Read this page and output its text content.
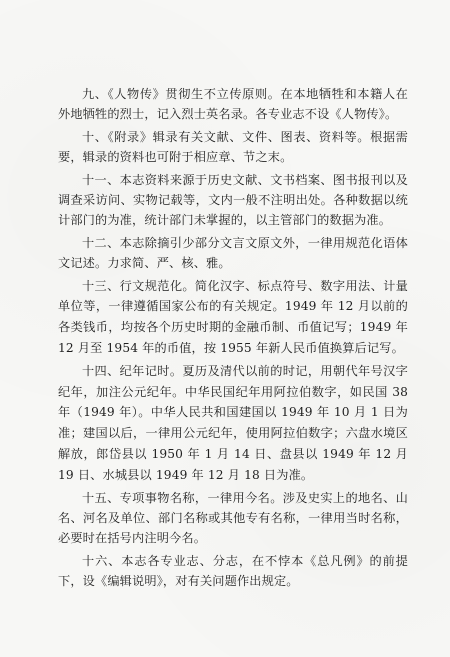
九、《人物传》贯彻生不立传原则。在本地牺牲和本籍人在外地牺牲的烈士，记入烈士英名录。各专业志不设《人物传》。

十、《附录》辑录有关文献、文件、图表、资料等。根据需要，辑录的资料也可附于相应章、节之末。

十一、本志资料来源于历史文献、文书档案、图书报刊以及调查采访问、实物记载等，文内一般不注明出处。各种数据以统计部门的为准，统计部门未掌握的，以主管部门的数据为准。

十二、本志除摘引少部分文言文原文外，一律用规范化语体文记述。力求简、严、核、雅。

十三、行文规范化。简化汉字、标点符号、数字用法、计量单位等，一律遵循国家公布的有关规定。1949 年 12 月以前的各类钱币，均按各个历史时期的金融币制、币值记写；1949 年 12 月至 1954 年的币值，按 1955 年新人民币值换算后记写。

十四、纪年记时。夏历及清代以前的时记，用朝代年号汉字纪年，加注公元纪年。中华民国纪年用阿拉伯数字，如民国 38 年（1949 年）。中华人民共和国建国以 1949 年 10 月 1 日为准；建国以后，一律用公元纪年，使用阿拉伯数字；六盘水境区解放，郎岱县以 1950 年 1 月 14 日、盘县以 1949 年 12 月 19 日、水城县以 1949 年 12 月 18 日为准。

十五、专项事物名称，一律用今名。涉及史实上的地名、山名、河名及单位、部门名称或其他专有名称，一律用当时名称，必要时在括号内注明今名。

十六、本志各专业志、分志，在不悖本《总凡例》的前提下，设《编辑说明》，对有关问题作出规定。
